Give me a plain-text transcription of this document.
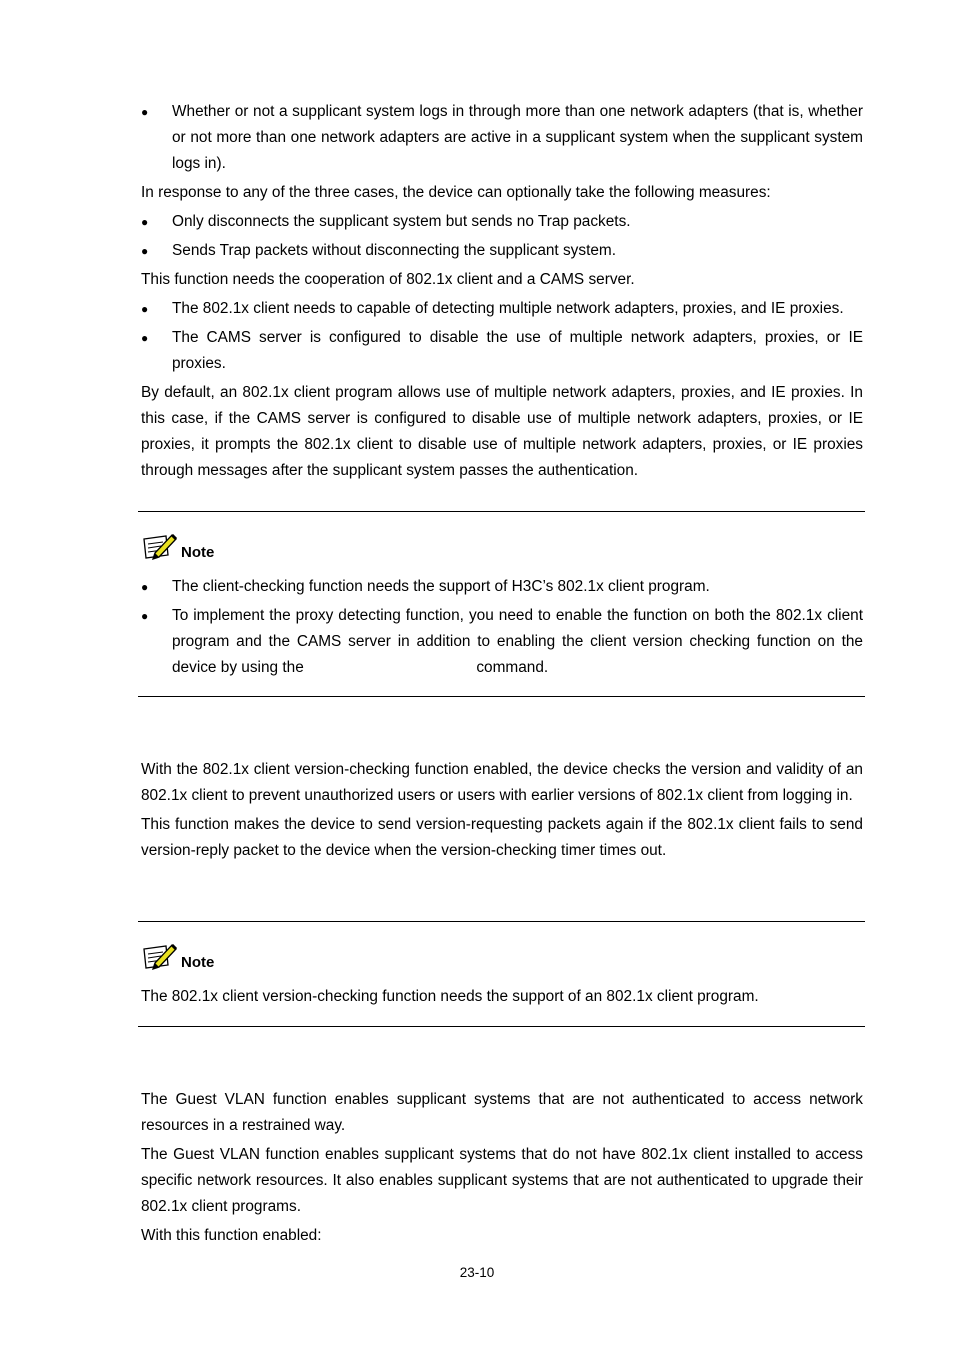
● Whether or not a supplicant system logs in through more than one network adapters (that is, whether or not more than one network adapters are active in a supplicant system when the supplicant system logs in).

In response to any of the three cases, the device can optionally take the following measures:

● Only disconnects the supplicant system but sends no Trap packets.
● Sends Trap packets without disconnecting the supplicant system.

This function needs the cooperation of 802.1x client and a CAMS server.

● The 802.1x client needs to capable of detecting multiple network adapters, proxies, and IE proxies.
● The CAMS server is configured to disable the use of multiple network adapters, proxies, or IE proxies.

By default, an 802.1x client program allows use of multiple network adapters, proxies, and IE proxies. In this case, if the CAMS server is configured to disable use of multiple network adapters, proxies, or IE proxies, it prompts the 802.1x client to disable use of multiple network adapters, proxies, or IE proxies through messages after the supplicant system passes the authentication.

Note
● The client-checking function needs the support of H3C’s 802.1x client program.
● To implement the proxy detecting function, you need to enable the function on both the 802.1x client program and the CAMS server in addition to enabling the client version checking function on the device by using the	command.

With the 802.1x client version-checking function enabled, the device checks the version and validity of an 802.1x client to prevent unauthorized users or users with earlier versions of 802.1x client from logging in.

This function makes the device to send version-requesting packets again if the 802.1x client fails to send version-reply packet to the device when the version-checking timer times out.

Note

The 802.1x client version-checking function needs the support of an 802.1x client program.

The Guest VLAN function enables supplicant systems that are not authenticated to access network resources in a restrained way.

The Guest VLAN function enables supplicant systems that do not have 802.1x client installed to access specific network resources. It also enables supplicant systems that are not authenticated to upgrade their 802.1x client programs.

With this function enabled:

23-10
